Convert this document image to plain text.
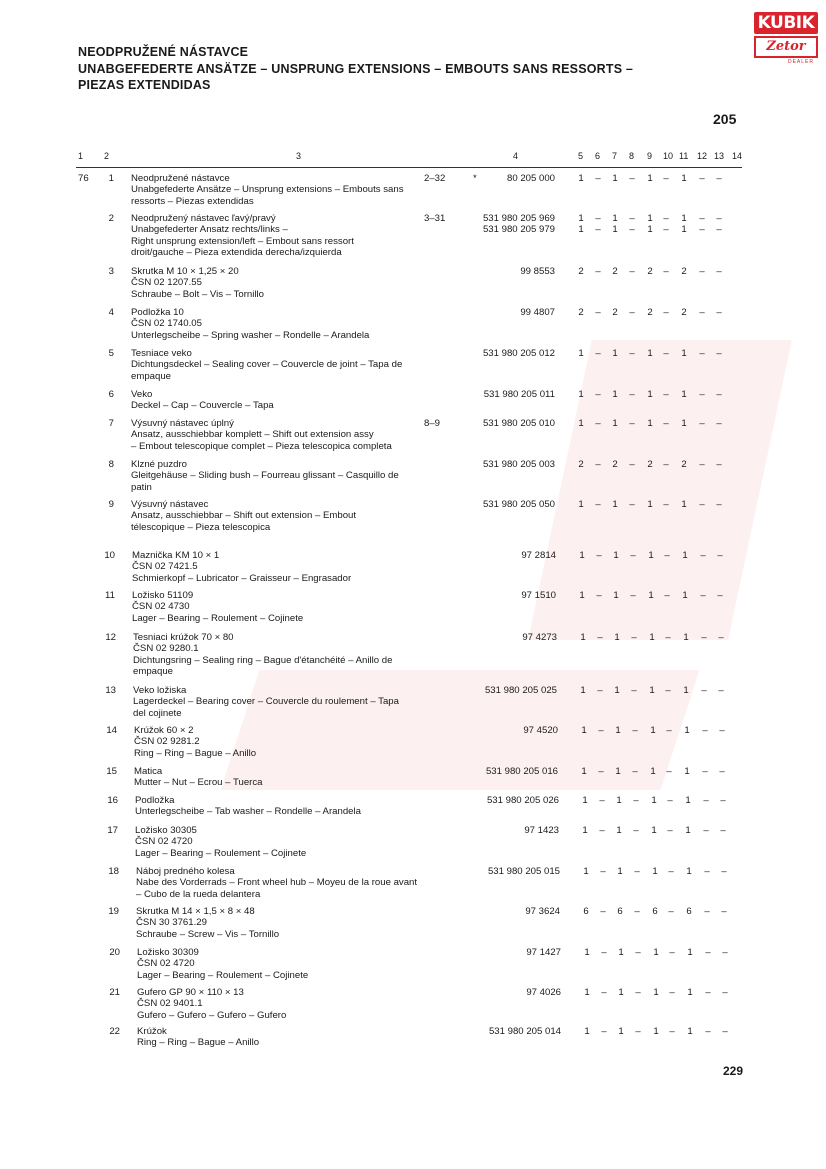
KUBIK
Zetor
DEALER
NEODPRUŽENÉ NÁSTAVCE
UNABGEFEDERTE ANSÄTZE – UNSPRUNG EXTENSIONS – EMBOUTS SANS RESSORTS –
PIEZAS EXTENDIDAS
205
1 2	3	4	5 6 7 8 9 10 11 12 13 14
76	1 Neodpružené nástavce
Unabgefederte Ansätze – Unsprung extensions – Embouts sans
ressorts – Piezas extendidas
2–32	*	80 205 000	1	–	1	–	1	–	1	–	–
2 Neodpružený nástavec ľavý/pravý
Unabgefederter Ansatz rechts/links –
Right unsprung extension/left – Embout sans ressort
droit/gauche – Pieza extendida derecha/izquierda
3–31	531 980 205 969
531 980 205 979
1	–	1	–	1	–	1	–	–
1	–	1	–	1	–	1	–	–
3 Skrutka M 10 × 1,25 × 20
ČSN 02 1207.55
Schraube – Bolt – Vis – Tornillo
99 8553	2	–	2	–	2	–	2	–	–
4 Podložka 10
ČSN 02 1740.05
Unterlegscheibe – Spring washer – Rondelle – Arandela
99 4807	2	–	2	–	2	–	2	–	–
5 Tesniace veko
Dichtungsdeckel – Sealing cover – Couvercle de joint – Tapa de
empaque
531 980 205 012	1	–	1	–	1	–	1	–	–
6 Veko
Deckel – Cap – Couvercle – Tapa
531 980 205 011	1	–	1	–	1	–	1	–	–
7 Výsuvný nástavec úplný
Ansatz, ausschiebbar komplett – Shift out extension assy
– Embout telescopique complet – Pieza telescopica completa
8–9	531 980 205 010	1	–	1	–	1	–	1	–	–
8 Klzné puzdro
Gleitgehäuse – Sliding bush – Fourreau glissant – Casquillo de
patin
531 980 205 003	2	–	2	–	2	–	2	–	–
9 Výsuvný nástavec
Ansatz, ausschiebbar – Shift out extension – Embout
télescopique – Pieza telescopica
531 980 205 050	1	–	1	–	1	–	1	–	–
10 Maznička KM 10 × 1
ČSN 02 7421.5
Schmierkopf – Lubricator – Graisseur – Engrasador
97 2814	1	–	1	–	1	–	1	–	–
11 Ložisko 51109
ČSN 02 4730
Lager – Bearing – Roulement – Cojinete
97 1510	1	–	1	–	1	–	1	–	–
12 Tesniaci krúžok 70 × 80
ČSN 02 9280.1
Dichtungsring – Sealing ring – Bague d'étanchéité – Anillo de
empaque
97 4273	1	–	1	–	1	–	1	–	–
13 Veko ložiska
Lagerdeckel – Bearing cover – Couvercle du roulement – Tapa
del cojinete
531 980 205 025	1	–	1	–	1	–	1	–	–
14 Krúžok 60 × 2
ČSN 02 9281.2
Ring – Ring – Bague – Anillo
97 4520	1	–	1	–	1	–	1	–	–
15 Matica
Mutter – Nut – Ecrou – Tuerca
531 980 205 016	1	–	1	–	1	–	1	–	–
16 Podložka
Unterlegscheibe – Tab washer – Rondelle – Arandela
531 980 205 026	1	–	1	–	1	–	1	–	–
17 Ložisko 30305
ČSN 02 4720
Lager – Bearing – Roulement – Cojinete
97 1423	1	–	1	–	1	–	1	–	–
18 Náboj predného kolesa
Nabe des Vorderrads – Front wheel hub – Moyeu de la roue avant
– Cubo de la rueda delantera
531 980 205 015	1	–	1	–	1	–	1	–	–
19 Skrutka M 14 × 1,5 × 8 × 48
ČSN 30 3761.29
Schraube – Screw – Vis – Tornillo
97 3624	6	–	6	–	6	–	6	–	–
20 Ložisko 30309
ČSN 02 4720
Lager – Bearing – Roulement – Cojinete
97 1427	1	–	1	–	1	–	1	–	–
21 Gufero GP 90 × 110 × 13
ČSN 02 9401.1
Gufero – Gufero – Gufero – Gufero
97 4026	1	–	1	–	1	–	1	–	–
22 Krúžok
Ring – Ring – Bague – Anillo
531 980 205 014	1	–	1	–	1	–	1	–	–
229
